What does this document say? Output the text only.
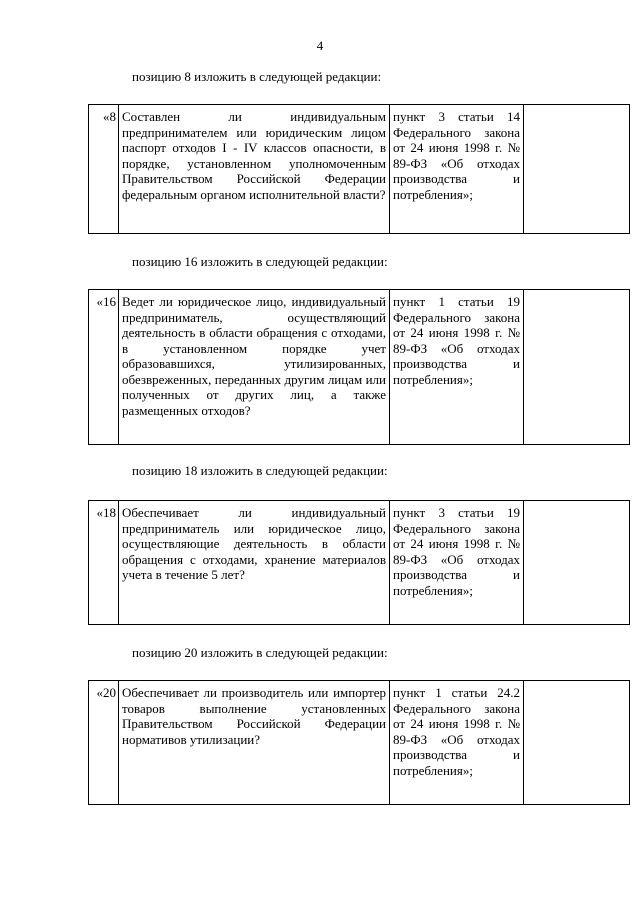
4
позицию 8 изложить в следующей редакции:
«8	Составлен ли индивидуальным предпринимателем или юридическим лицом паспорт отходов I - IV классов опасности, в порядке, установленном уполномоченным Правительством Российской Федерации федеральным органом исполнительной власти?	пункт 3 статьи 14 Федерального закона от 24 июня 1998 г. № 89-ФЗ «Об отходах производства и потребления»;	
позицию 16 изложить в следующей редакции:
«16	Ведет ли юридическое лицо, индивидуальный предприниматель, осуществляющий деятельность в области обращения с отходами, в установленном порядке учет образовавшихся, утилизированных, обезвреженных, переданных другим лицам или полученных от других лиц, а также размещенных отходов?	пункт 1 статьи 19 Федерального закона от 24 июня 1998 г. № 89-ФЗ «Об отходах производства и потребления»;	
позицию 18 изложить в следующей редакции:
«18	Обеспечивает ли индивидуальный предприниматель или юридическое лицо, осуществляющие деятельность в области обращения с отходами, хранение материалов учета в течение 5 лет?	пункт 3 статьи 19 Федерального закона от 24 июня 1998 г. № 89-ФЗ «Об отходах производства и потребления»;	
позицию 20 изложить в следующей редакции:
«20	Обеспечивает ли производитель или импортер товаров выполнение установленных Правительством Российской Федерации нормативов утилизации?	пункт 1 статьи 24.2 Федерального закона от 24 июня 1998 г. № 89-ФЗ «Об отходах производства и потребления»;	
